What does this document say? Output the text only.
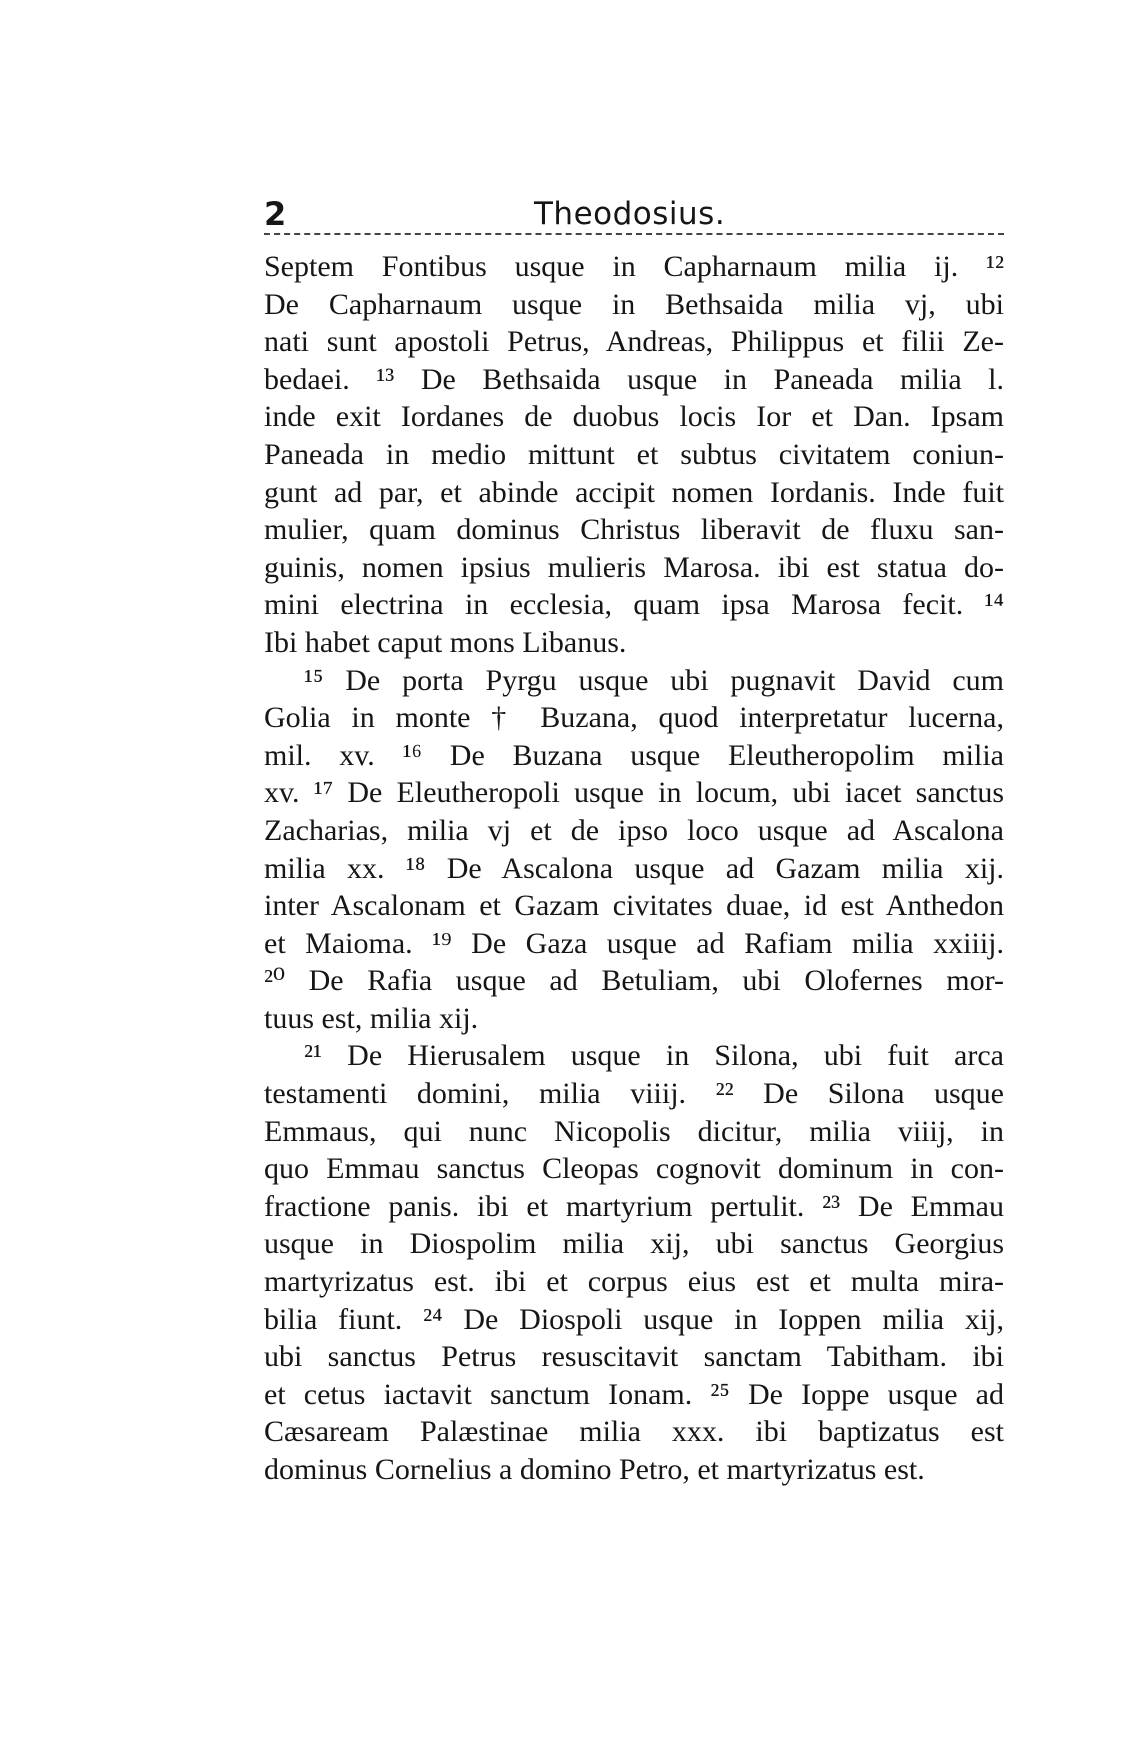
2	Theodosius.
Septem Fontibus usque in Capharnaum milia ij. ¹²
De Capharnaum usque in Bethsaida milia vj, ubi
nati sunt apostoli Petrus, Andreas, Philippus et filii Ze-
bedaei. ¹³ De Bethsaida usque in Paneada milia l.
inde exit Iordanes de duobus locis Ior et Dan. Ipsam
Paneada in medio mittunt et subtus civitatem coniun-
gunt ad par, et abinde accipit nomen Iordanis. Inde fuit
mulier, quam dominus Christus liberavit de fluxu san-
guinis, nomen ipsius mulieris Marosa. ibi est statua do-
mini electrina in ecclesia, quam ipsa Marosa fecit. ¹⁴
Ibi habet caput mons Libanus.
¹⁵ De porta Pyrgu usque ubi pugnavit David cum
Golia in monte † Buzana, quod interpretatur lucerna,
mil. xv. ¹⁶ De Buzana usque Eleutheropolim milia
xv. ¹⁷ De Eleutheropoli usque in locum, ubi iacet sanctus
Zacharias, milia vj et de ipso loco usque ad Ascalona
milia xx. ¹⁸ De Ascalona usque ad Gazam milia xij.
inter Ascalonam et Gazam civitates duae, id est Anthedon
et Maioma. ¹⁹ De Gaza usque ad Rafiam milia xxiiij.
²⁰ De Rafia usque ad Betuliam, ubi Olofernes mor-
tuus est, milia xij.
²¹ De Hierusalem usque in Silona, ubi fuit arca
testamenti domini, milia viiij. ²² De Silona usque
Emmaus, qui nunc Nicopolis dicitur, milia viiij, in
quo Emmau sanctus Cleopas cognovit dominum in con-
fractione panis. ibi et martyrium pertulit. ²³ De Emmau
usque in Diospolim milia xij, ubi sanctus Georgius
martyrizatus est. ibi et corpus eius est et multa mira-
bilia fiunt. ²⁴ De Diospoli usque in Ioppen milia xij,
ubi sanctus Petrus resuscitavit sanctam Tabitham. ibi
et cetus iactavit sanctum Ionam. ²⁵ De Ioppe usque ad
Cæsaream Palæstinae milia xxx. ibi baptizatus est
dominus Cornelius a domino Petro, et martyrizatus est.
